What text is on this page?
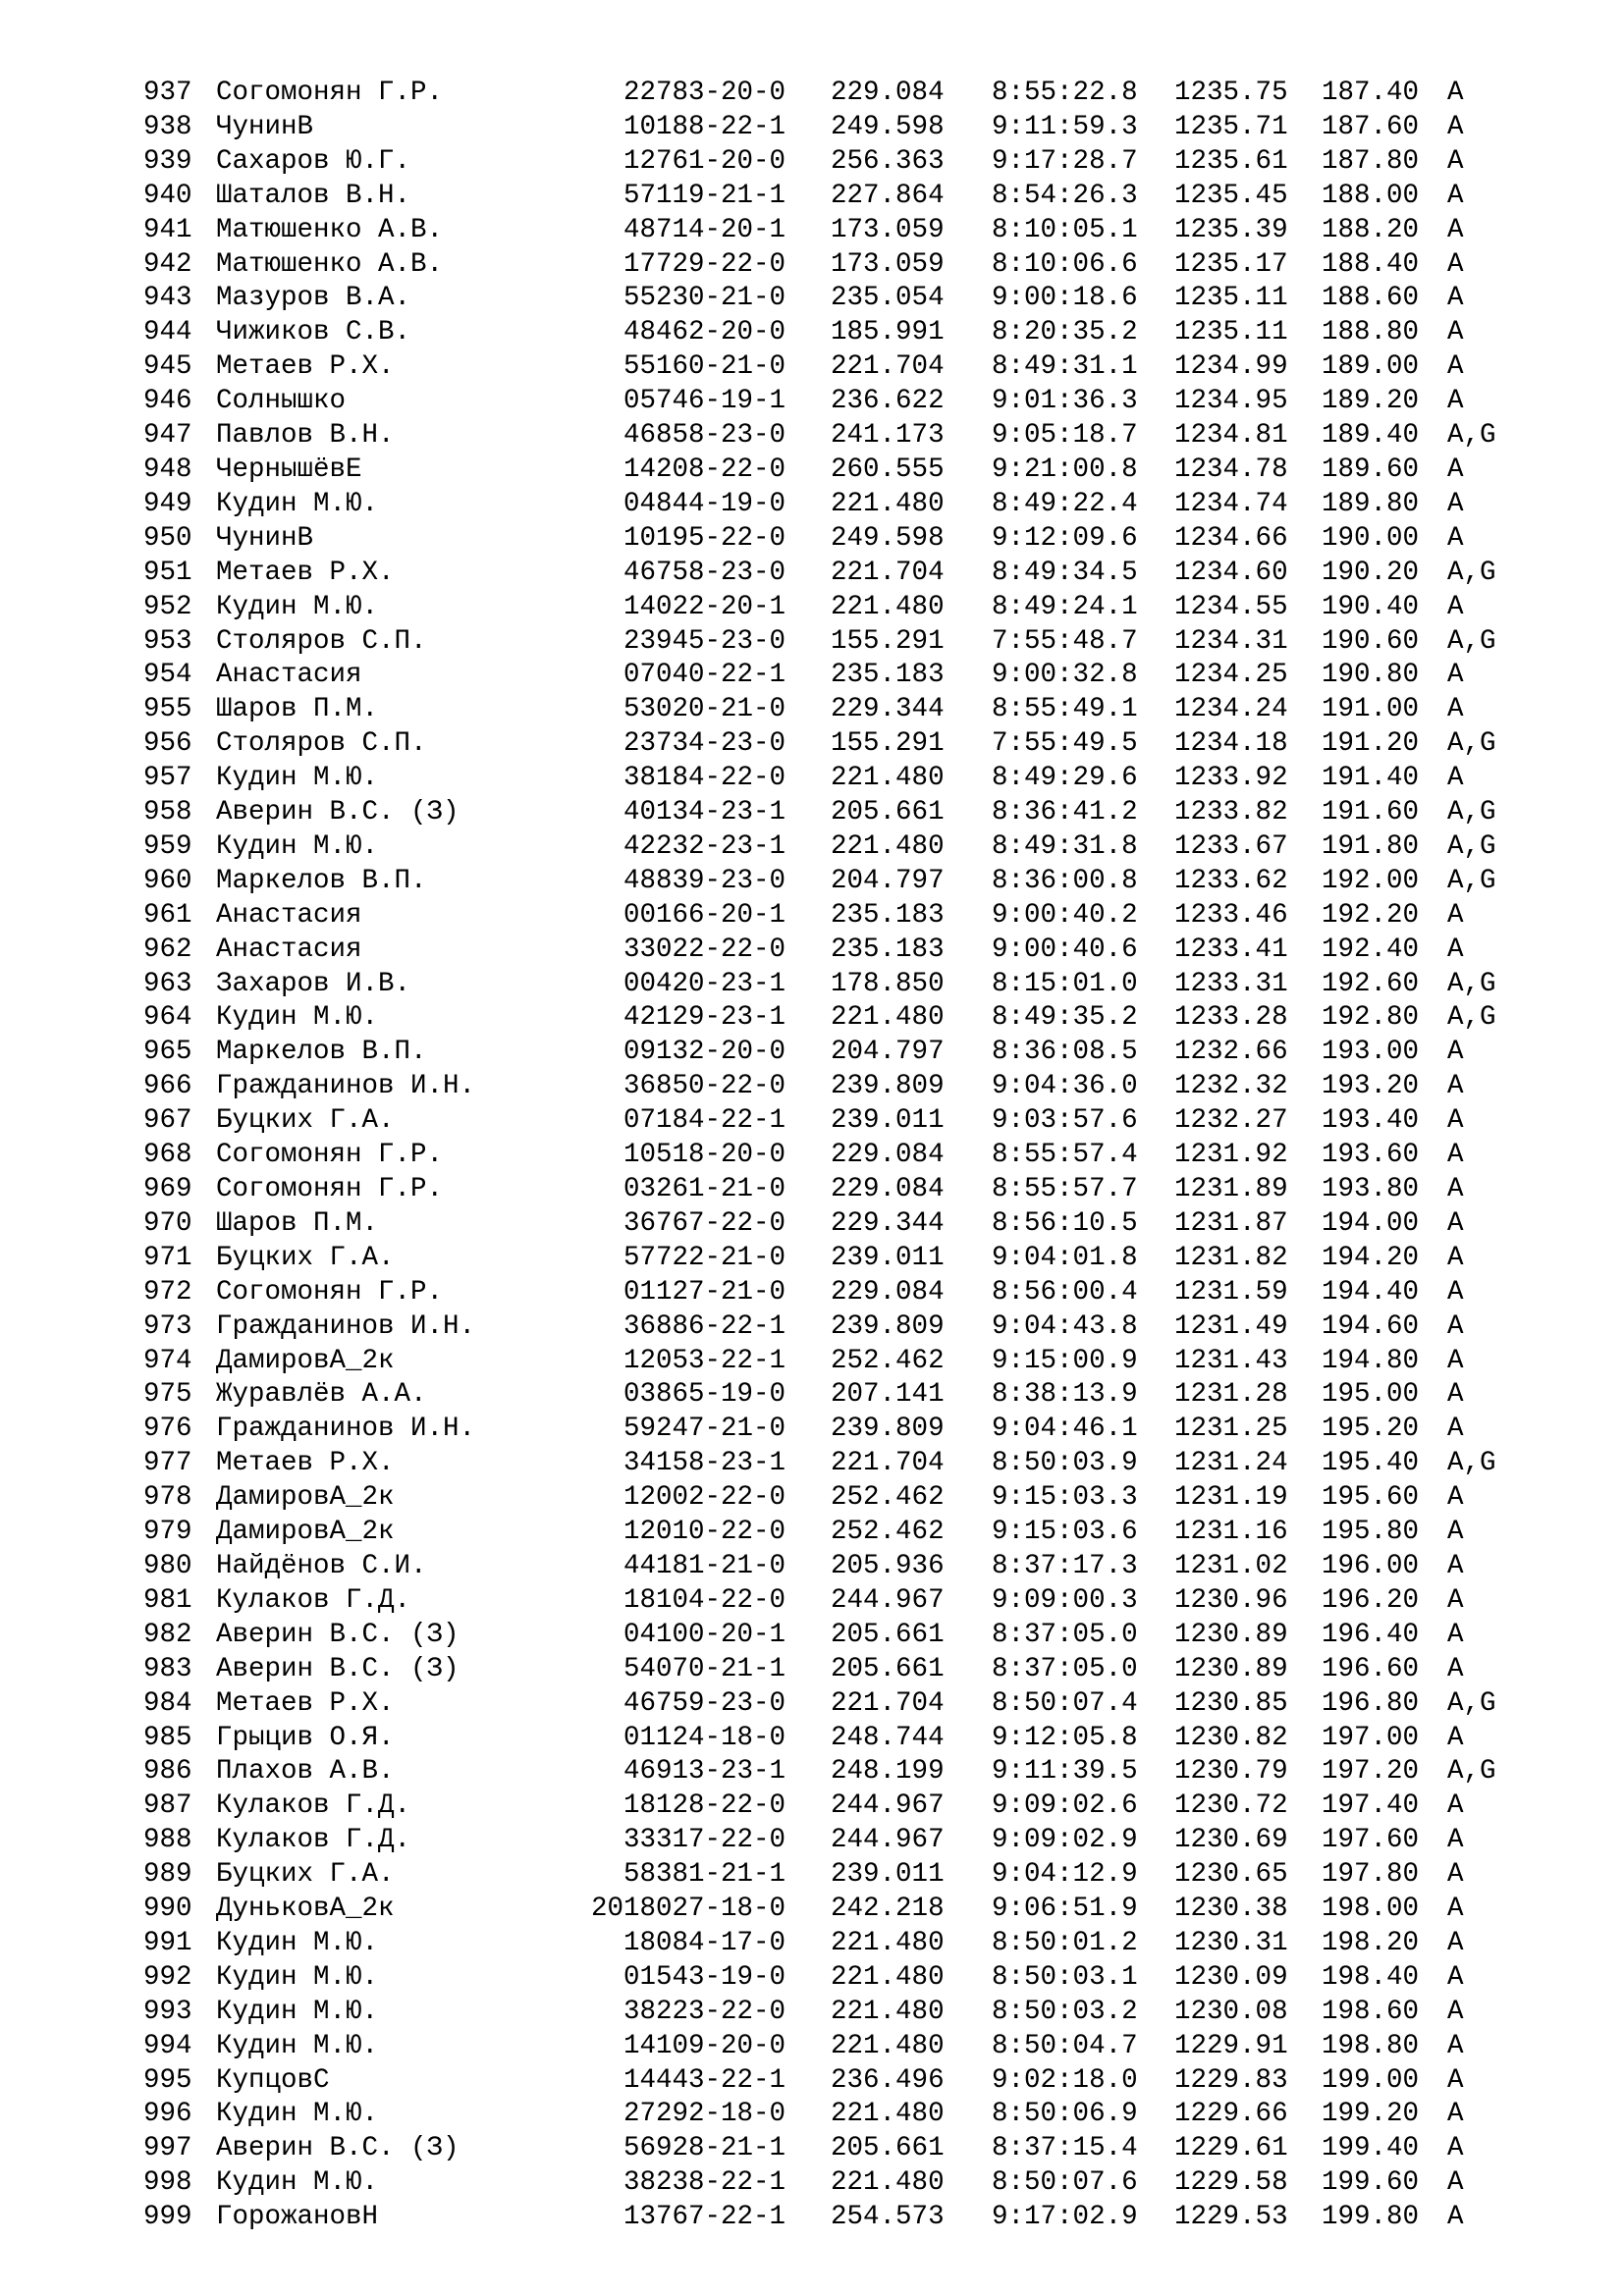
937	Согомонян Г.Р.	22783-20-0	229.084	8:55:22.8	1235.75	187.40	A
938	ЧунинВ	10188-22-1	249.598	9:11:59.3	1235.71	187.60	A
939	Сахаров Ю.Г.	12761-20-0	256.363	9:17:28.7	1235.61	187.80	A
940	Шаталов В.Н.	57119-21-1	227.864	8:54:26.3	1235.45	188.00	A
941	Матюшенко А.В.	48714-20-1	173.059	8:10:05.1	1235.39	188.20	A
942	Матюшенко А.В.	17729-22-0	173.059	8:10:06.6	1235.17	188.40	A
943	Мазуров В.А.	55230-21-0	235.054	9:00:18.6	1235.11	188.60	A
944	Чижиков С.В.	48462-20-0	185.991	8:20:35.2	1235.11	188.80	A
945	Метаев Р.Х.	55160-21-0	221.704	8:49:31.1	1234.99	189.00	A
946	Солнышко	05746-19-1	236.622	9:01:36.3	1234.95	189.20	A
947	Павлов В.Н.	46858-23-0	241.173	9:05:18.7	1234.81	189.40	A,G
948	ЧернышёвЕ	14208-22-0	260.555	9:21:00.8	1234.78	189.60	A
949	Кудин М.Ю.	04844-19-0	221.480	8:49:22.4	1234.74	189.80	A
950	ЧунинВ	10195-22-0	249.598	9:12:09.6	1234.66	190.00	A
951	Метаев Р.Х.	46758-23-0	221.704	8:49:34.5	1234.60	190.20	A,G
952	Кудин М.Ю.	14022-20-1	221.480	8:49:24.1	1234.55	190.40	A
953	Столяров С.П.	23945-23-0	155.291	7:55:48.7	1234.31	190.60	A,G
954	Анастасия	07040-22-1	235.183	9:00:32.8	1234.25	190.80	A
955	Шаров П.М.	53020-21-0	229.344	8:55:49.1	1234.24	191.00	A
956	Столяров С.П.	23734-23-0	155.291	7:55:49.5	1234.18	191.20	A,G
957	Кудин М.Ю.	38184-22-0	221.480	8:49:29.6	1233.92	191.40	A
958	Аверин В.С. (З)	40134-23-1	205.661	8:36:41.2	1233.82	191.60	A,G
959	Кудин М.Ю.	42232-23-1	221.480	8:49:31.8	1233.67	191.80	A,G
960	Маркелов В.П.	48839-23-0	204.797	8:36:00.8	1233.62	192.00	A,G
961	Анастасия	00166-20-1	235.183	9:00:40.2	1233.46	192.20	A
962	Анастасия	33022-22-0	235.183	9:00:40.6	1233.41	192.40	A
963	Захаров И.В.	00420-23-1	178.850	8:15:01.0	1233.31	192.60	A,G
964	Кудин М.Ю.	42129-23-1	221.480	8:49:35.2	1233.28	192.80	A,G
965	Маркелов В.П.	09132-20-0	204.797	8:36:08.5	1232.66	193.00	A
966	Гражданинов И.Н.	36850-22-0	239.809	9:04:36.0	1232.32	193.20	A
967	Буцких Г.А.	07184-22-1	239.011	9:03:57.6	1232.27	193.40	A
968	Согомонян Г.Р.	10518-20-0	229.084	8:55:57.4	1231.92	193.60	A
969	Согомонян Г.Р.	03261-21-0	229.084	8:55:57.7	1231.89	193.80	A
970	Шаров П.М.	36767-22-0	229.344	8:56:10.5	1231.87	194.00	A
971	Буцких Г.А.	57722-21-0	239.011	9:04:01.8	1231.82	194.20	A
972	Согомонян Г.Р.	01127-21-0	229.084	8:56:00.4	1231.59	194.40	A
973	Гражданинов И.Н.	36886-22-1	239.809	9:04:43.8	1231.49	194.60	A
974	ДамировА_2к	12053-22-1	252.462	9:15:00.9	1231.43	194.80	A
975	Журавлёв А.А.	03865-19-0	207.141	8:38:13.9	1231.28	195.00	A
976	Гражданинов И.Н.	59247-21-0	239.809	9:04:46.1	1231.25	195.20	A
977	Метаев Р.Х.	34158-23-1	221.704	8:50:03.9	1231.24	195.40	A,G
978	ДамировА_2к	12002-22-0	252.462	9:15:03.3	1231.19	195.60	A
979	ДамировА_2к	12010-22-0	252.462	9:15:03.6	1231.16	195.80	A
980	Найдёнов С.И.	44181-21-0	205.936	8:37:17.3	1231.02	196.00	A
981	Кулаков Г.Д.	18104-22-0	244.967	9:09:00.3	1230.96	196.20	A
982	Аверин В.С. (З)	04100-20-1	205.661	8:37:05.0	1230.89	196.40	A
983	Аверин В.С. (З)	54070-21-1	205.661	8:37:05.0	1230.89	196.60	A
984	Метаев Р.Х.	46759-23-0	221.704	8:50:07.4	1230.85	196.80	A,G
985	Грыцив О.Я.	01124-18-0	248.744	9:12:05.8	1230.82	197.00	A
986	Плахов А.В.	46913-23-1	248.199	9:11:39.5	1230.79	197.20	A,G
987	Кулаков Г.Д.	18128-22-0	244.967	9:09:02.6	1230.72	197.40	A
988	Кулаков Г.Д.	33317-22-0	244.967	9:09:02.9	1230.69	197.60	A
989	Буцких Г.А.	58381-21-1	239.011	9:04:12.9	1230.65	197.80	A
990	ДуньковА_2к	2018027-18-0	242.218	9:06:51.9	1230.38	198.00	A
991	Кудин М.Ю.	18084-17-0	221.480	8:50:01.2	1230.31	198.20	A
992	Кудин М.Ю.	01543-19-0	221.480	8:50:03.1	1230.09	198.40	A
993	Кудин М.Ю.	38223-22-0	221.480	8:50:03.2	1230.08	198.60	A
994	Кудин М.Ю.	14109-20-0	221.480	8:50:04.7	1229.91	198.80	A
995	КупцовС	14443-22-1	236.496	9:02:18.0	1229.83	199.00	A
996	Кудин М.Ю.	27292-18-0	221.480	8:50:06.9	1229.66	199.20	A
997	Аверин В.С. (З)	56928-21-1	205.661	8:37:15.4	1229.61	199.40	A
998	Кудин М.Ю.	38238-22-1	221.480	8:50:07.6	1229.58	199.60	A
999	ГорожановН	13767-22-1	254.573	9:17:02.9	1229.53	199.80	A
